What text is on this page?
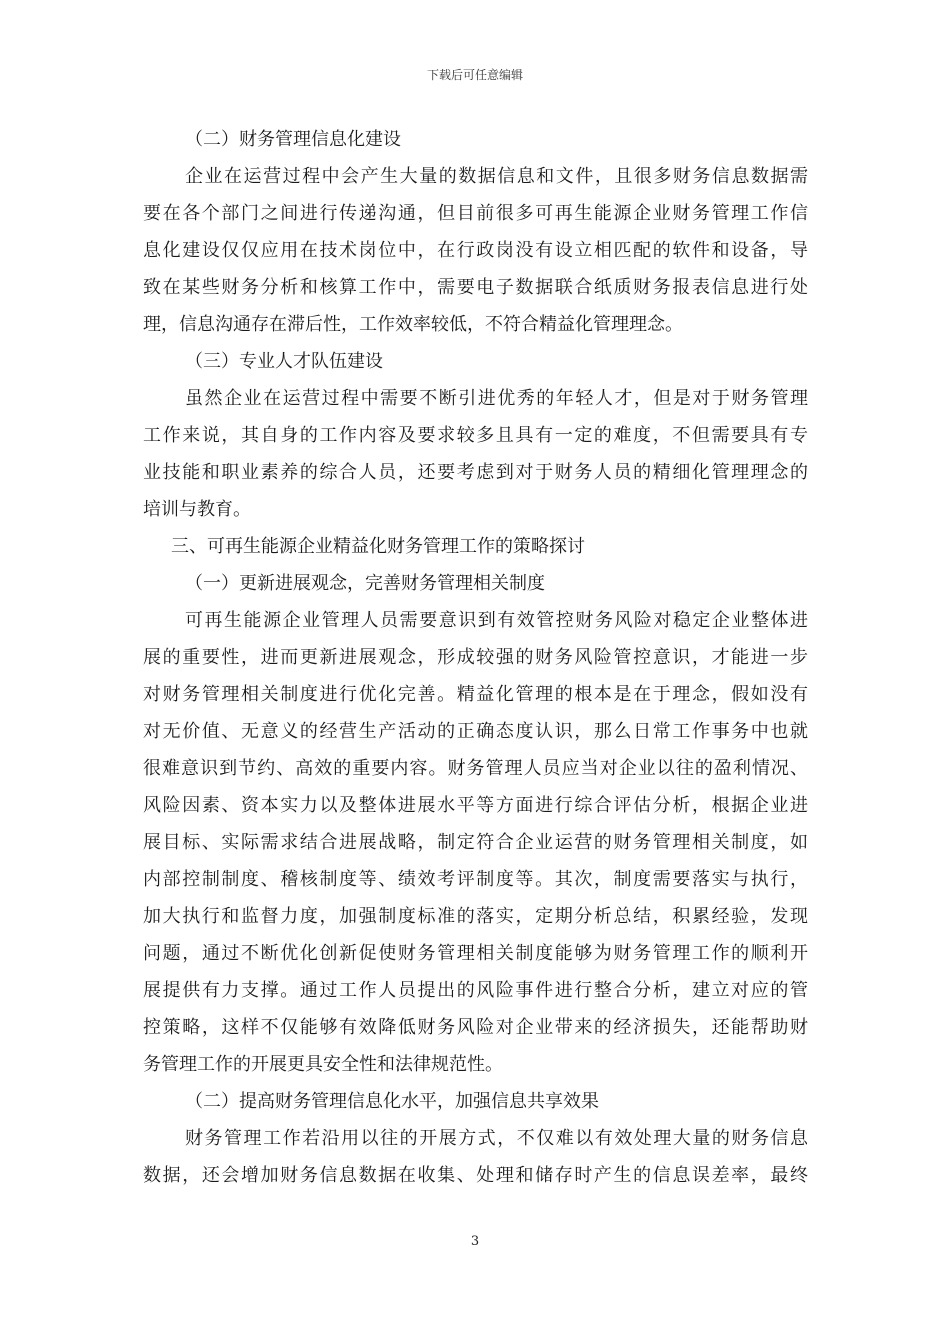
下载后可任意编辑
（二）财务管理信息化建设
企业在运营过程中会产生大量的数据信息和文件，且很多财务信息数据需
要在各个部门之间进行传递沟通，但目前很多可再生能源企业财务管理工作信
息化建设仅仅应用在技术岗位中，在行政岗没有设立相匹配的软件和设备，导
致在某些财务分析和核算工作中，需要电子数据联合纸质财务报表信息进行处
理，信息沟通存在滞后性，工作效率较低，不符合精益化管理理念。
（三）专业人才队伍建设
虽然企业在运营过程中需要不断引进优秀的年轻人才，但是对于财务管理
工作来说，其自身的工作内容及要求较多且具有一定的难度，不但需要具有专
业技能和职业素养的综合人员，还要考虑到对于财务人员的精细化管理理念的
培训与教育。
三、可再生能源企业精益化财务管理工作的策略探讨
（一）更新进展观念，完善财务管理相关制度
可再生能源企业管理人员需要意识到有效管控财务风险对稳定企业整体进
展的重要性，进而更新进展观念，形成较强的财务风险管控意识，才能进一步
对财务管理相关制度进行优化完善。精益化管理的根本是在于理念，假如没有
对无价值、无意义的经营生产活动的正确态度认识，那么日常工作事务中也就
很难意识到节约、高效的重要内容。财务管理人员应当对企业以往的盈利情况、
风险因素、资本实力以及整体进展水平等方面进行综合评估分析，根据企业进
展目标、实际需求结合进展战略，制定符合企业运营的财务管理相关制度，如
内部控制制度、稽核制度等、绩效考评制度等。其次，制度需要落实与执行，
加大执行和监督力度，加强制度标准的落实，定期分析总结，积累经验，发现
问题，通过不断优化创新促使财务管理相关制度能够为财务管理工作的顺利开
展提供有力支撑。通过工作人员提出的风险事件进行整合分析，建立对应的管
控策略，这样不仅能够有效降低财务风险对企业带来的经济损失，还能帮助财
务管理工作的开展更具安全性和法律规范性。
（二）提高财务管理信息化水平，加强信息共享效果
财务管理工作若沿用以往的开展方式，不仅难以有效处理大量的财务信息
数据，还会增加财务信息数据在收集、处理和储存时产生的信息误差率，最终
3
